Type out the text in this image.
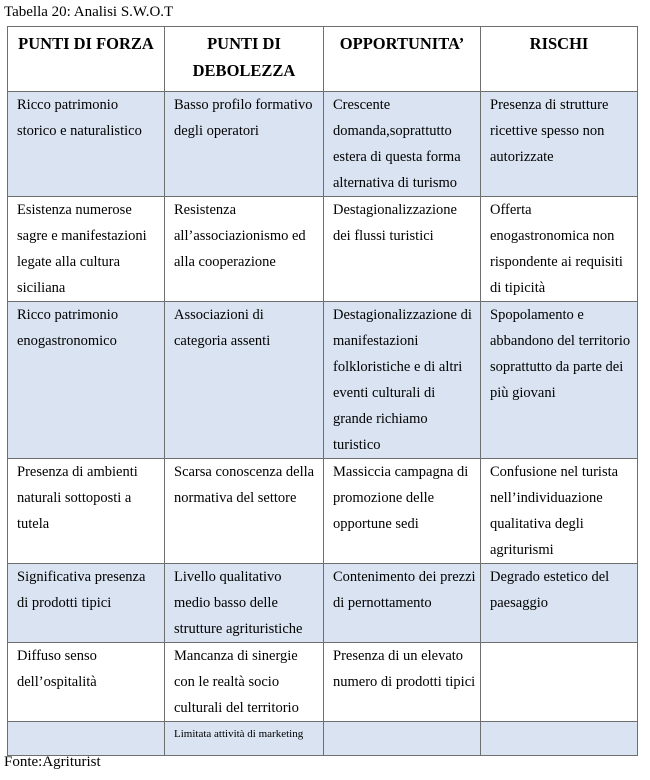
Tabella 20: Analisi S.W.O.T
PUNTI DI FORZA	PUNTI DI DEBOLEZZA	OPPORTUNITA’	RISCHI
Ricco patrimonio storico e naturalistico	Basso profilo formativo degli operatori	Crescente domanda,soprattutto estera di questa forma alternativa di turismo	Presenza di strutture ricettive spesso non autorizzate
Esistenza numerose sagre e manifestazioni legate alla cultura siciliana	Resistenza all’associazionismo ed alla cooperazione	Destagionalizzazione dei flussi turistici	Offerta enogastronomica non rispondente ai requisiti di tipicità
Ricco patrimonio enogastronomico	Associazioni di categoria assenti	Destagionalizzazione di manifestazioni folkloristiche e di altri eventi culturali di grande richiamo turistico	Spopolamento e abbandono del territorio soprattutto da parte dei più giovani
Presenza di ambienti naturali sottoposti a tutela	Scarsa conoscenza della normativa del settore	Massiccia campagna di promozione delle opportune sedi	Confusione nel turista nell’individuazione qualitativa degli agriturismi
Significativa presenza di prodotti tipici	Livello qualitativo medio basso delle strutture agrituristiche	Contenimento dei prezzi di pernottamento	Degrado estetico del paesaggio
Diffuso senso dell’ospitalità	Mancanza di sinergie con le realtà socio culturali del territorio	Presenza di un elevato numero di prodotti tipici	

	Limitata attività di marketing		

Fonte:Agriturist
